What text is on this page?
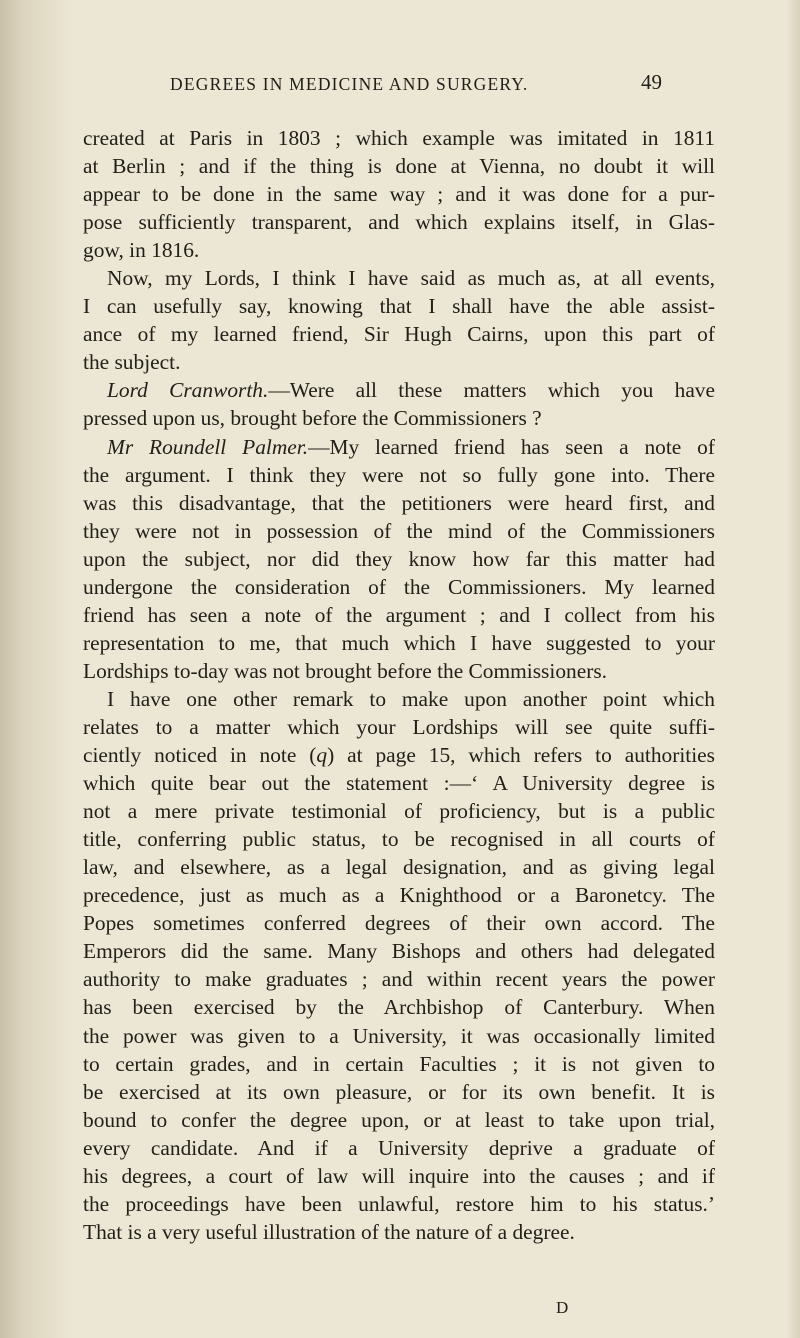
DEGREES IN MEDICINE AND SURGERY.	49
created at Paris in 1803 ; which example was imitated in 1811
at Berlin ; and if the thing is done at Vienna, no doubt it will
appear to be done in the same way ; and it was done for a pur-
pose sufficiently transparent, and which explains itself, in Glas-
gow, in 1816.
Now, my Lords, I think I have said as much as, at all events,
I can usefully say, knowing that I shall have the able assist-
ance of my learned friend, Sir Hugh Cairns, upon this part of
the subject.
Lord Cranworth.—Were all these matters which you have
pressed upon us, brought before the Commissioners ?
Mr Roundell Palmer.—My learned friend has seen a note of
the argument. I think they were not so fully gone into. There
was this disadvantage, that the petitioners were heard first, and
they were not in possession of the mind of the Commissioners
upon the subject, nor did they know how far this matter had
undergone the consideration of the Commissioners. My learned
friend has seen a note of the argument ; and I collect from his
representation to me, that much which I have suggested to your
Lordships to-day was not brought before the Commissioners.
I have one other remark to make upon another point which
relates to a matter which your Lordships will see quite suffi-
ciently noticed in note (q) at page 15, which refers to authorities
which quite bear out the statement :—‘ A University degree is
not a mere private testimonial of proficiency, but is a public
title, conferring public status, to be recognised in all courts of
law, and elsewhere, as a legal designation, and as giving legal
precedence, just as much as a Knighthood or a Baronetcy. The
Popes sometimes conferred degrees of their own accord. The
Emperors did the same. Many Bishops and others had delegated
authority to make graduates ; and within recent years the power
has been exercised by the Archbishop of Canterbury. When
the power was given to a University, it was occasionally limited
to certain grades, and in certain Faculties ; it is not given to
be exercised at its own pleasure, or for its own benefit. It is
bound to confer the degree upon, or at least to take upon trial,
every candidate. And if a University deprive a graduate of
his degrees, a court of law will inquire into the causes ; and if
the proceedings have been unlawful, restore him to his status.’
That is a very useful illustration of the nature of a degree.
D
